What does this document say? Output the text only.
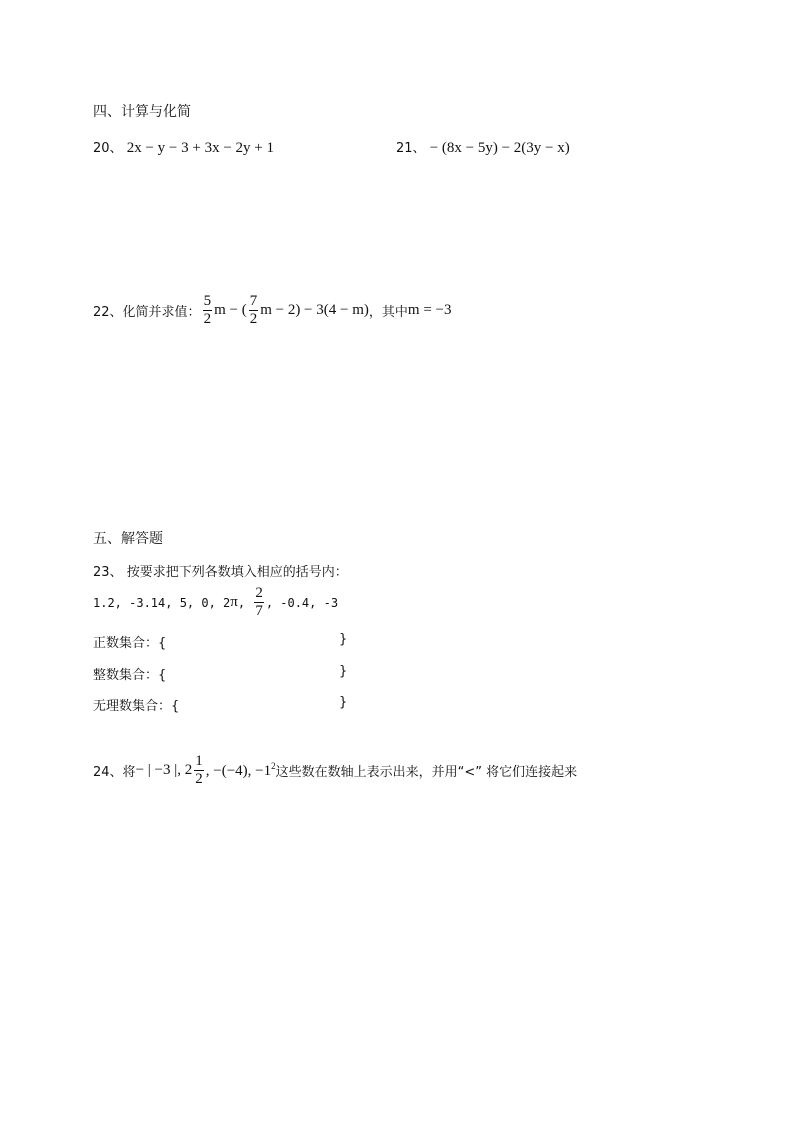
四、计算与化简
20、 2x − y − 3 + 3x − 2y + 1	21、 − (8x − 5y) − 2(3y − x)
22、 化简并求值： $\frac{5}{2}$ m − ( $\frac{7}{2}$ m − 2) − 3(4 − m) ，其中 m = −3
五、解答题
23、 按要求把下列各数填入相应的括号内：
1.2, -3.14, 5, 0, 2 π , $\frac{2}{7}$ , -0.4, -3
正数集合：{	}
整数集合：{	}
无理数集合：{	}
24、 将 − | −3 |, $2 \frac{1}{2}$ , −(−4), $-1^2$ 这些数在数轴上表示出来，并用“<” 将它们连接起来
